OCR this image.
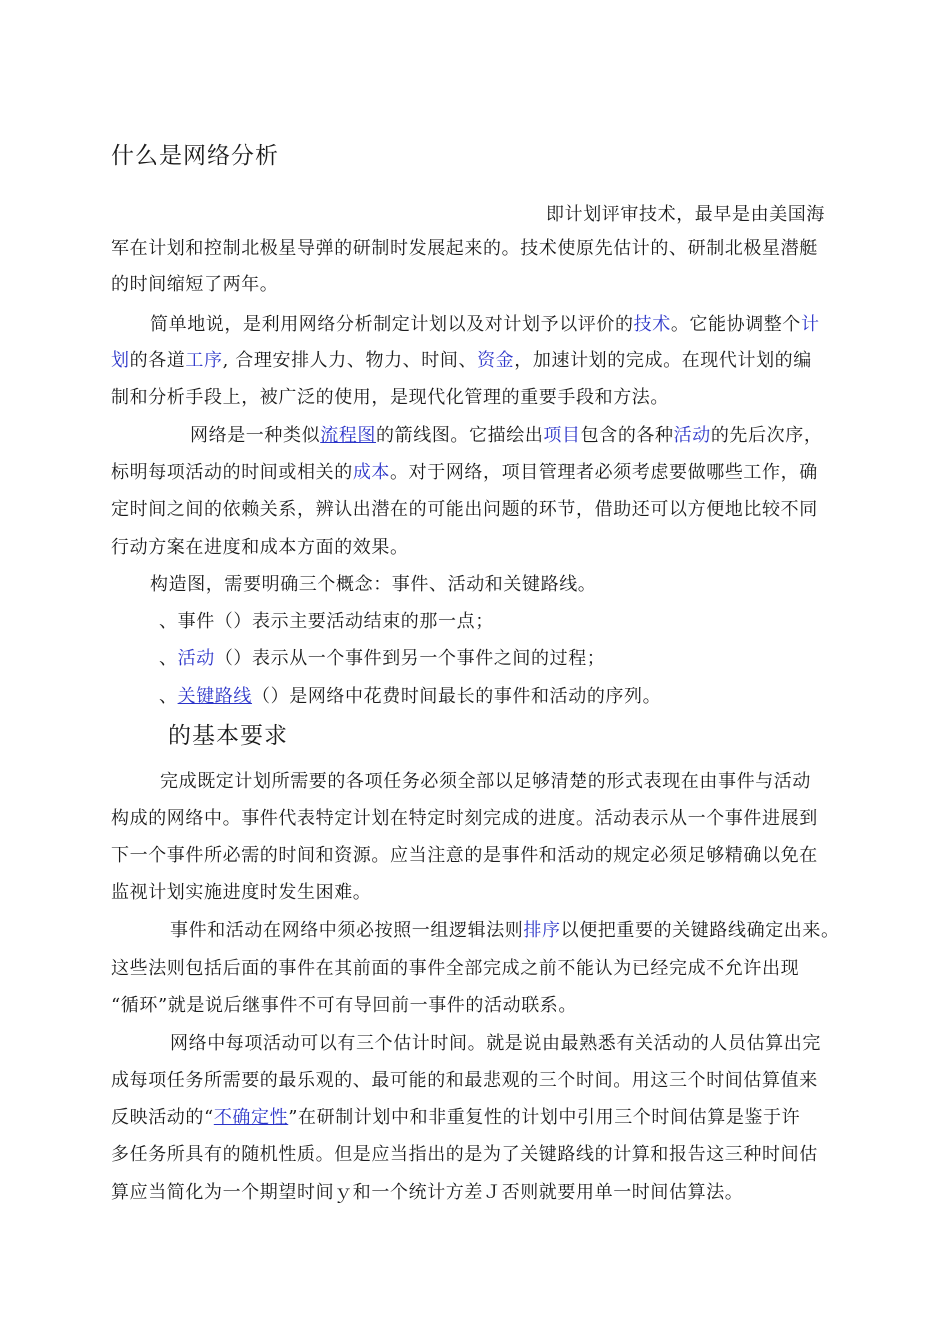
什么是网络分析
即计划评审技术，最早是由美国海
军在计划和控制北极星导弹的研制时发展起来的。技术使原先估计的、研制北极星潜艇
的时间缩短了两年。
简单地说，是利用网络分析制定计划以及对计划予以评价的技术。它能协调整个计
划的各道工序, 合理安排人力、物力、时间、资金，加速计划的完成。在现代计划的编
制和分析手段上，被广泛的使用，是现代化管理的重要手段和方法。
网络是一种类似流程图的箭线图。它描绘出项目包含的各种活动的先后次序，
标明每项活动的时间或相关的成本。对于网络，项目管理者必须考虑要做哪些工作，确
定时间之间的依赖关系，辨认出潜在的可能出问题的环节，借助还可以方便地比较不同
行动方案在进度和成本方面的效果。
构造图，需要明确三个概念：事件、活动和关键路线。
、事件（）表示主要活动结束的那一点；
、活动（）表示从一个事件到另一个事件之间的过程；
、关键路线（）是网络中花费时间最长的事件和活动的序列。
的基本要求
完成既定计划所需要的各项任务必须全部以足够清楚的形式表现在由事件与活动
构成的网络中。事件代表特定计划在特定时刻完成的进度。活动表示从一个事件进展到
下一个事件所必需的时间和资源。应当注意的是事件和活动的规定必须足够精确以免在
监视计划实施进度时发生困难。
事件和活动在网络中须必按照一组逻辑法则排序以便把重要的关键路线确定出来。
这些法则包括后面的事件在其前面的事件全部完成之前不能认为已经完成不允许出现
“循环”就是说后继事件不可有导回前一事件的活动联系。
网络中每项活动可以有三个估计时间。就是说由最熟悉有关活动的人员估算出完
成每项任务所需要的最乐观的、最可能的和最悲观的三个时间。用这三个时间估算值来
反映活动的“不确定性”在研制计划中和非重复性的计划中引用三个时间估算是鉴于许
多任务所具有的随机性质。但是应当指出的是为了关键路线的计算和报告这三种时间估
算应当简化为一个期望时间ｙ和一个统计方差Ｊ否则就要用单一时间估算法。
